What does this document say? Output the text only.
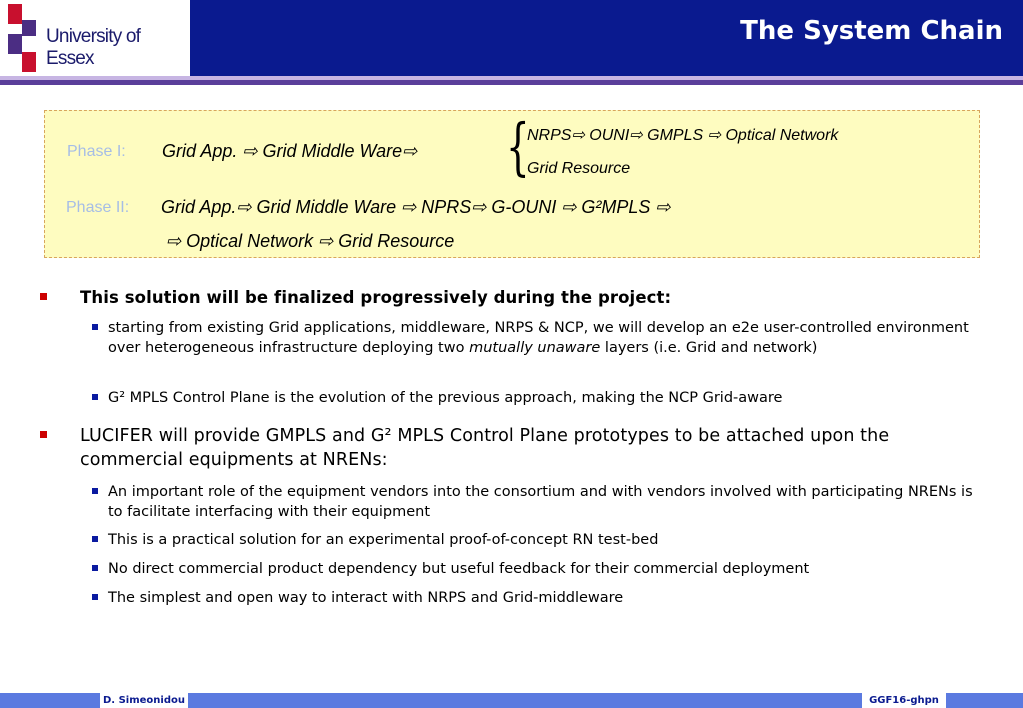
University of Essex
The System Chain
Phase I: Grid App. ⇨ Grid Middle Ware⇨ {
NRPS⇨ OUNI⇨ GMPLS ⇨ Optical Network
Grid Resource
Phase II: Grid App.⇨ Grid Middle Ware ⇨ NPRS⇨ G-OUNI ⇨ G²MPLS ⇨
⇨ Optical Network ⇨ Grid Resource
This solution will be finalized progressively during the project:
starting from existing Grid applications, middleware, NRPS & NCP, we will develop an e2e user-controlled environment over heterogeneous infrastructure deploying two mutually unaware layers (i.e. Grid and network)
G² MPLS Control Plane is the evolution of the previous approach, making the NCP Grid-aware
LUCIFER will provide GMPLS and G² MPLS Control Plane prototypes to be attached upon the commercial equipments at NRENs:
An important role of the equipment vendors into the consortium and with vendors involved with participating NRENs is to facilitate interfacing with their equipment
This is a practical solution for an experimental proof-of-concept RN test-bed
No direct commercial product dependency but useful feedback for their commercial deployment
The simplest and open way to interact with NRPS and Grid-middleware
D. Simeonidou	GGF16-ghpn
